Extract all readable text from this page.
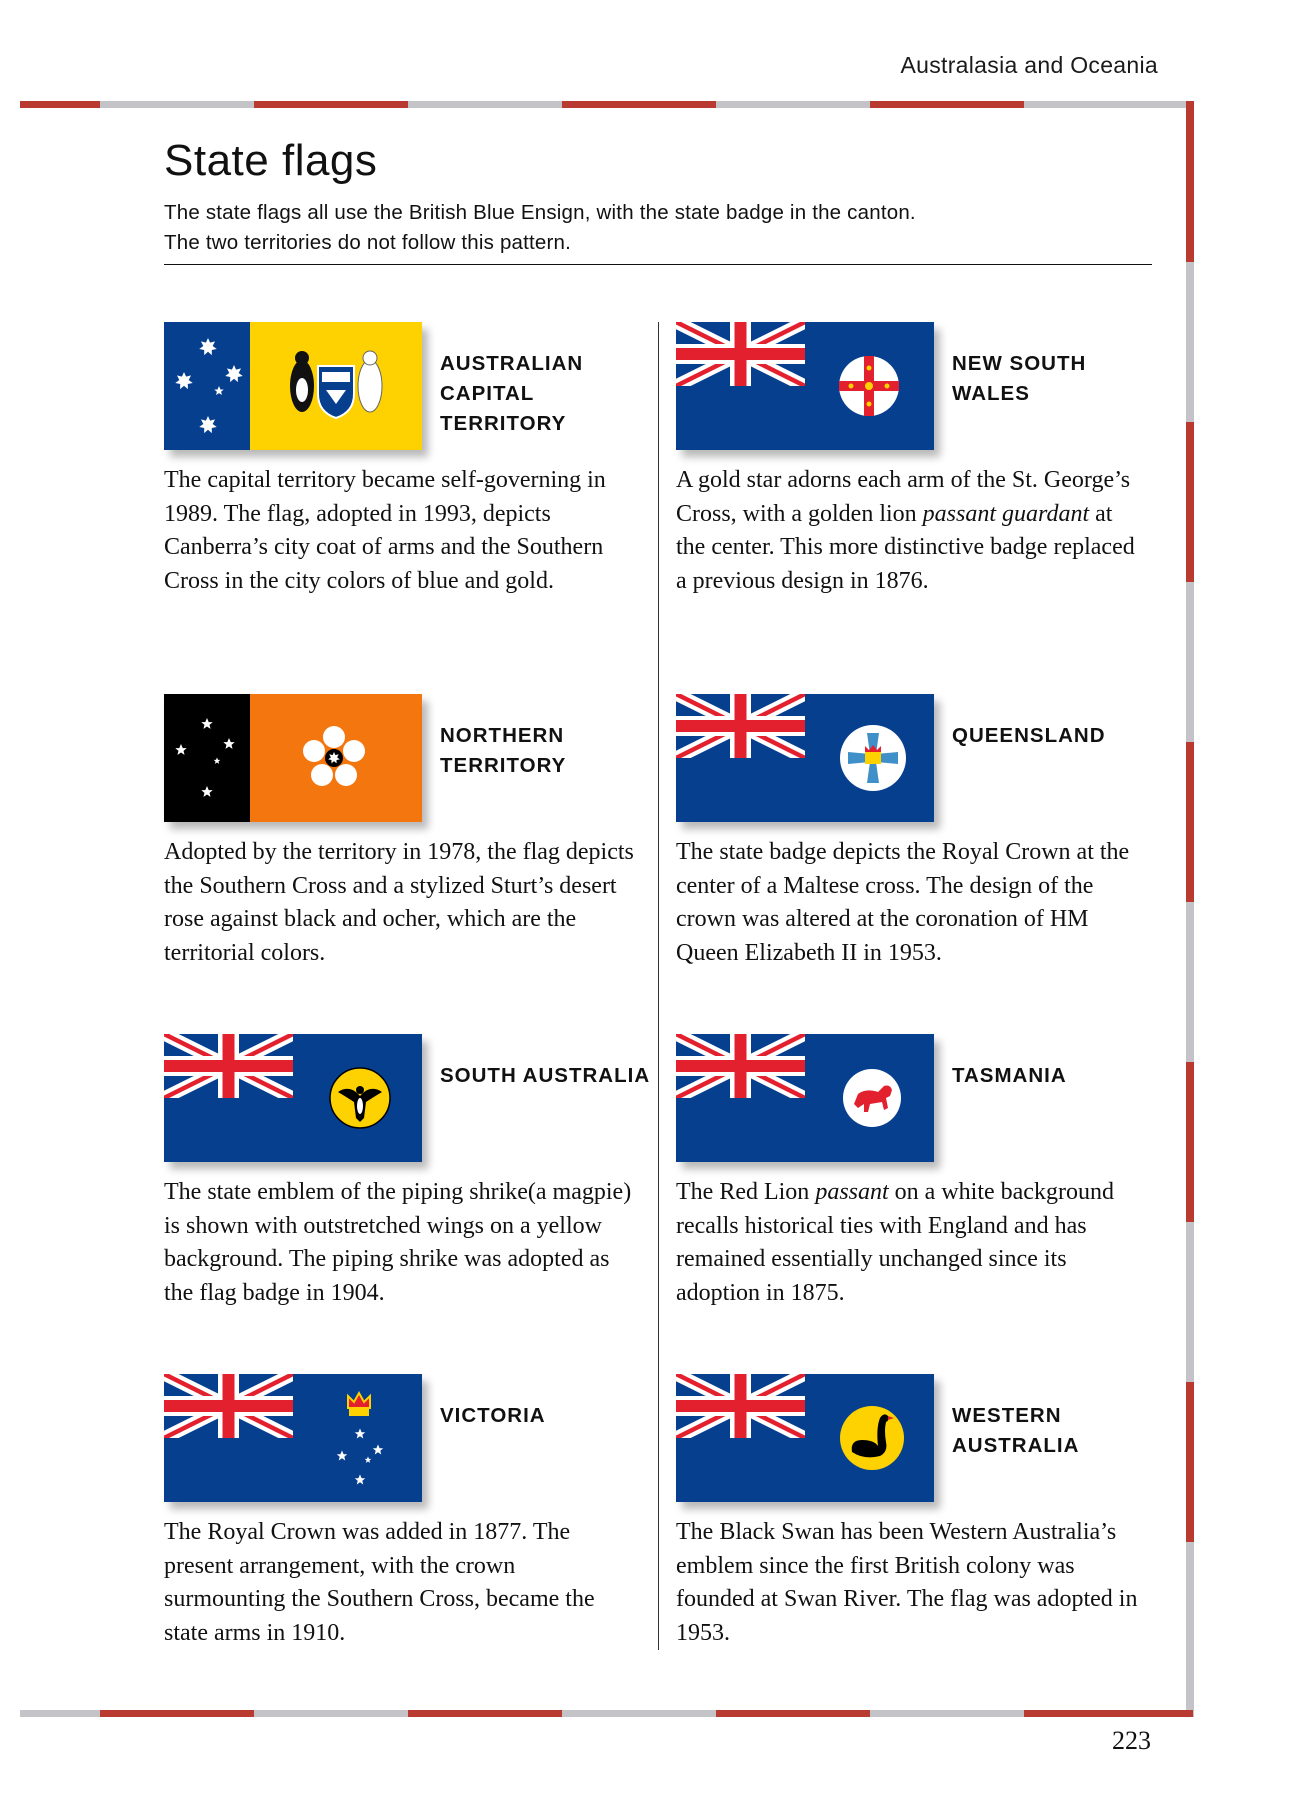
Australasia and Oceania
State flags
The state flags all use the British Blue Ensign, with the state badge in the canton.
The two territories do not follow this pattern.
AUSTRALIAN
CAPITAL
TERRITORY
The capital territory became self-governing in 1989. The flag, adopted in 1993, depicts Canberra’s city coat of arms and the Southern Cross in the city colors of blue and gold.
NEW SOUTH
WALES
A gold star adorns each arm of the St. George’s Cross, with a golden lion passant guardant at the center. This more distinctive badge replaced a previous design in 1876.
NORTHERN
TERRITORY
Adopted by the territory in 1978, the flag depicts the Southern Cross and a stylized Sturt’s desert rose against black and ocher, which are the territorial colors.
QUEENSLAND
The state badge depicts the Royal Crown at the center of a Maltese cross. The design of the crown was altered at the coronation of HM Queen Elizabeth II in 1953.
SOUTH AUSTRALIA
The state emblem of the piping shrike(a magpie) is shown with outstretched wings on a yellow background. The piping shrike was adopted as the flag badge in 1904.
TASMANIA
The Red Lion passant on a white background recalls historical ties with England and has remained essentially unchanged since its adoption in 1875.
VICTORIA
The Royal Crown was added in 1877. The present arrangement, with the crown surmounting the Southern Cross, became the state arms in 1910.
WESTERN
AUSTRALIA
The Black Swan has been Western Australia’s emblem since the first British colony was founded at Swan River. The flag was adopted in 1953.
223
